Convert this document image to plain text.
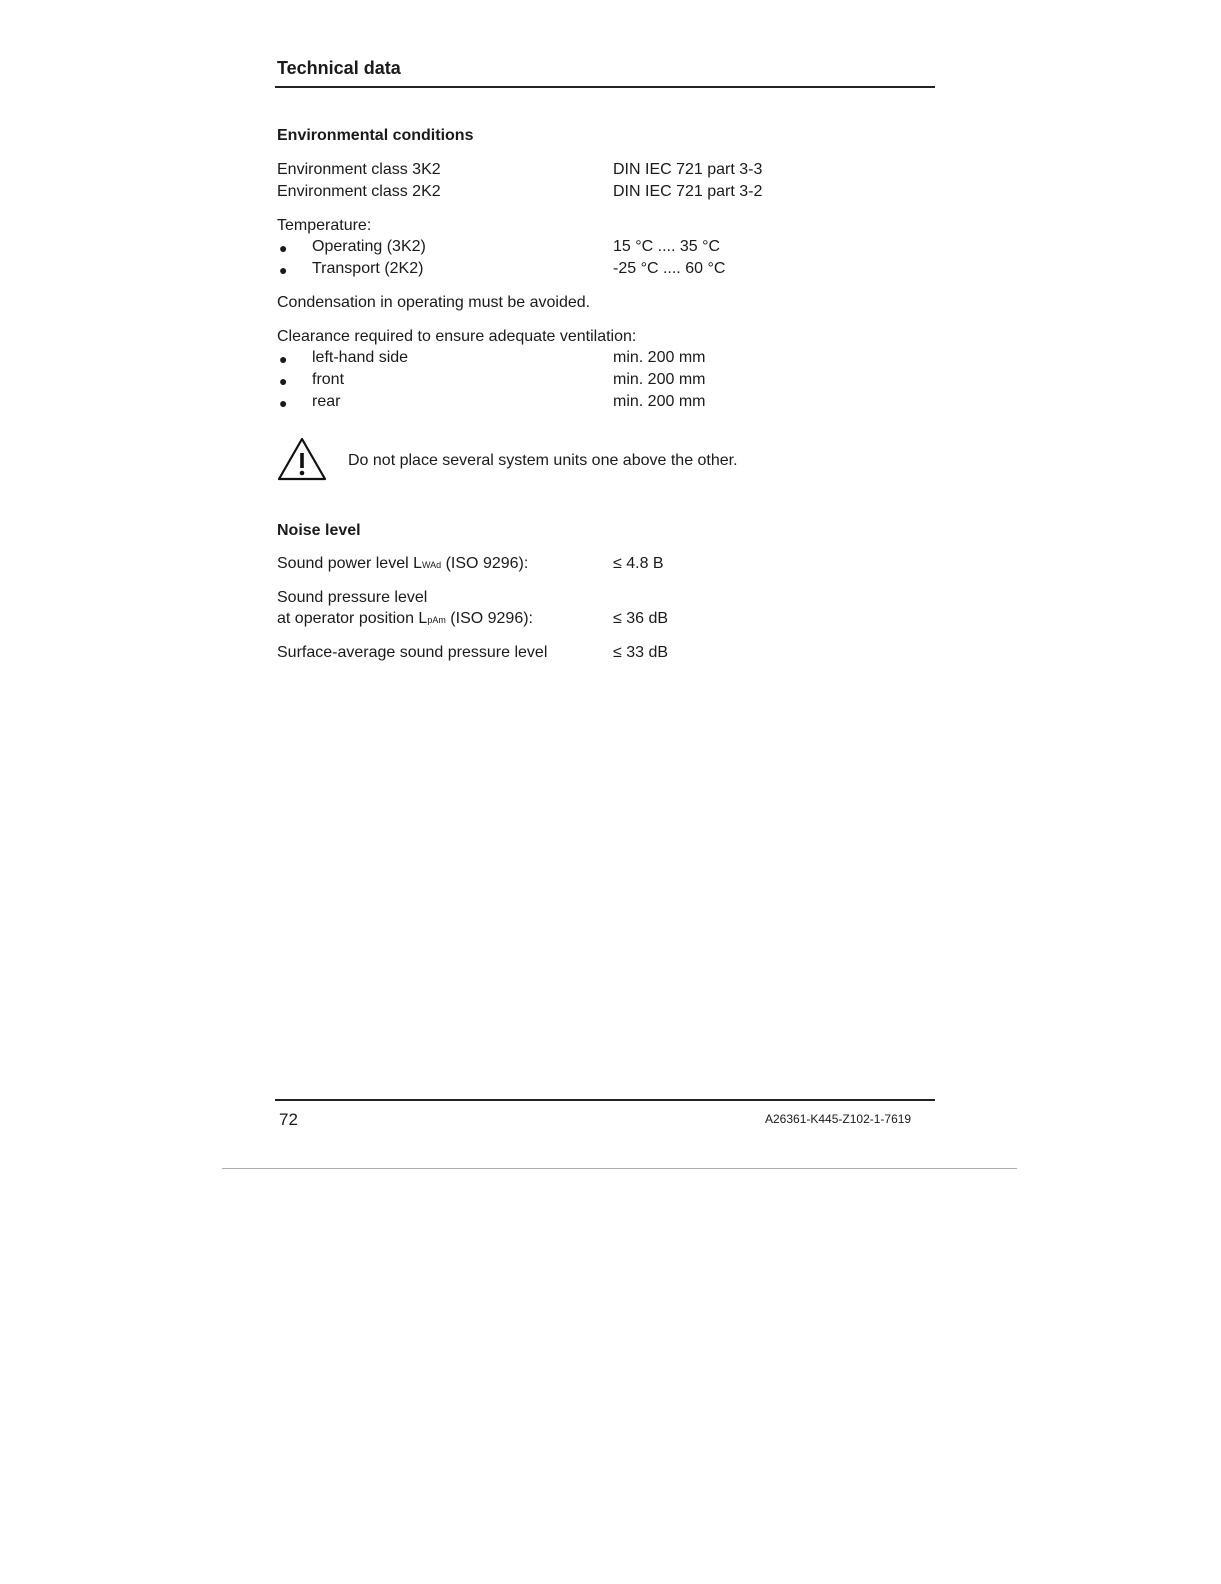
Technical data
Environmental conditions
Environment class 3K2	DIN IEC 721 part 3-3
Environment class 2K2	DIN IEC 721 part 3-2
Temperature:
● Operating (3K2)	15 °C .... 35 °C
● Transport (2K2)	-25 °C .... 60 °C
Condensation in operating must be avoided.
Clearance required to ensure adequate ventilation:
● left-hand side	min. 200 mm
● front	min. 200 mm
● rear	min. 200 mm
Do not place several system units one above the other.
Noise level
Sound power level LWAd (ISO 9296):	≤ 4.8 B
Sound pressure level
at operator position LpAm (ISO 9296):	≤ 36 dB
Surface-average sound pressure level	≤ 33 dB
72	A26361-K445-Z102-1-7619
